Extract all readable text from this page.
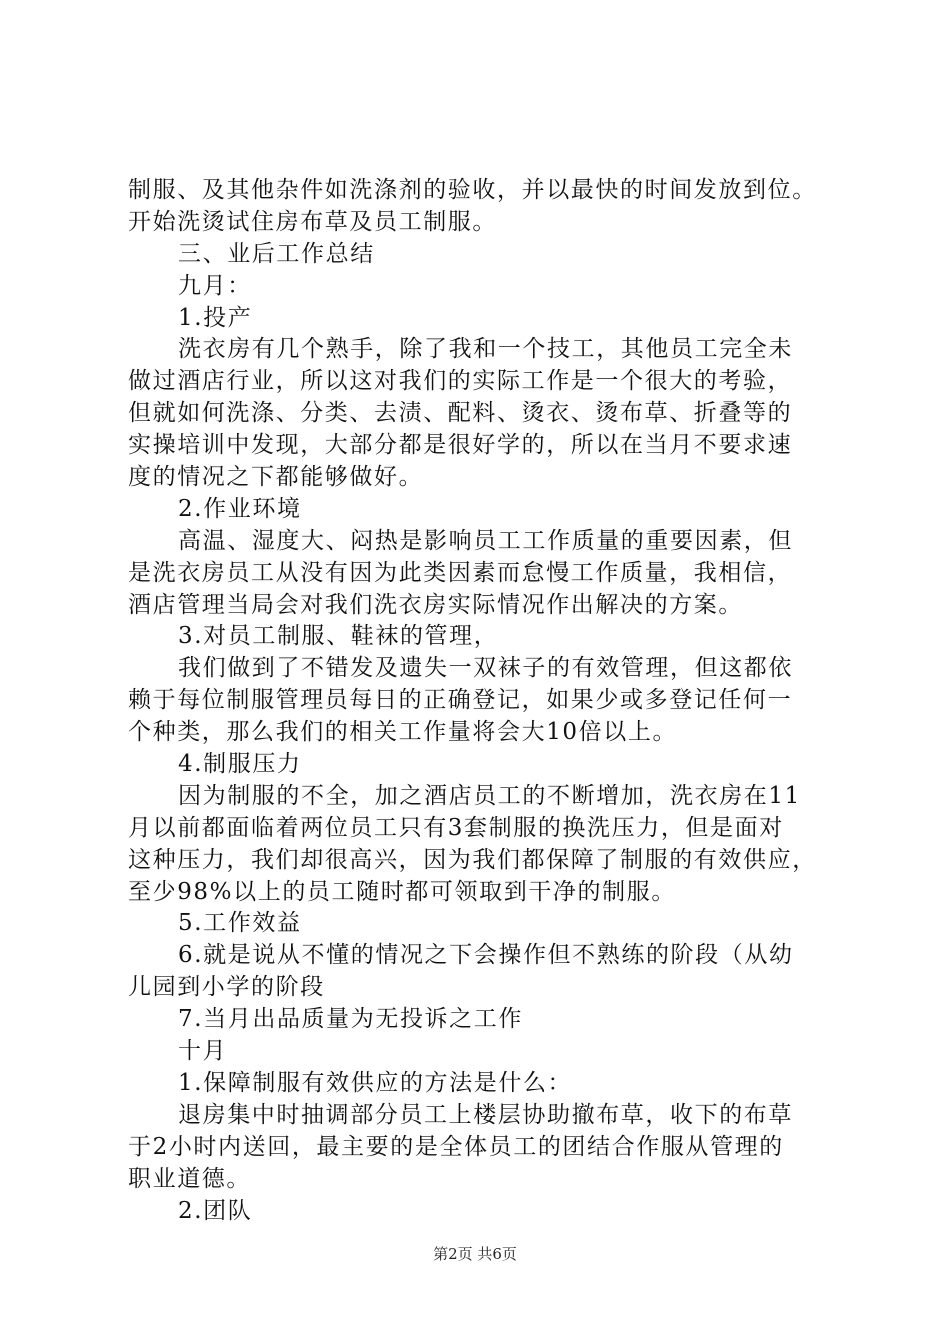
制服、及其他杂件如洗涤剂的验收，并以最快的时间发放到位。
开始洗烫试住房布草及员工制服。
三、业后工作总结
九月：
1.投产
洗衣房有几个熟手，除了我和一个技工，其他员工完全未
做过酒店行业，所以这对我们的实际工作是一个很大的考验，
但就如何洗涤、分类、去渍、配料、烫衣、烫布草、折叠等的
实操培训中发现，大部分都是很好学的，所以在当月不要求速
度的情况之下都能够做好。
2.作业环境
高温、湿度大、闷热是影响员工工作质量的重要因素，但
是洗衣房员工从没有因为此类因素而怠慢工作质量，我相信，
酒店管理当局会对我们洗衣房实际情况作出解决的方案。
3.对员工制服、鞋袜的管理，
我们做到了不错发及遗失一双袜子的有效管理，但这都依
赖于每位制服管理员每日的正确登记，如果少或多登记任何一
个种类，那么我们的相关工作量将会大10倍以上。
4.制服压力
因为制服的不全，加之酒店员工的不断增加，洗衣房在11
月以前都面临着两位员工只有3套制服的换洗压力，但是面对
这种压力，我们却很高兴，因为我们都保障了制服的有效供应，
至少98%以上的员工随时都可领取到干净的制服。
5.工作效益
6.就是说从不懂的情况之下会操作但不熟练的阶段（从幼
儿园到小学的阶段
7.当月出品质量为无投诉之工作
十月
1.保障制服有效供应的方法是什么：
退房集中时抽调部分员工上楼层协助撤布草，收下的布草
于2小时内送回，最主要的是全体员工的团结合作服从管理的
职业道德。
2.团队
第2页 共6页
